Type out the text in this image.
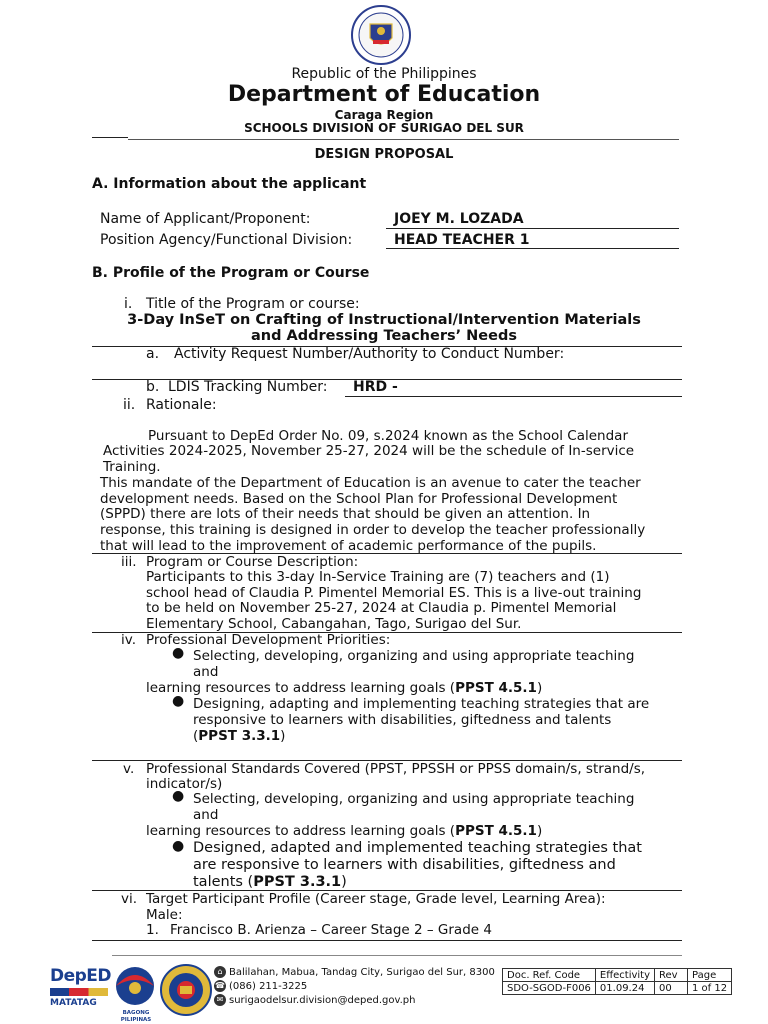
Republic of the Philippines
Department of Education
Caraga Region
SCHOOLS DIVISION OF SURIGAO DEL SUR
DESIGN PROPOSAL
A. Information about the applicant
Name of Applicant/Proponent:	JOEY M. LOZADA
Position Agency/Functional Division:	HEAD TEACHER 1
B. Profile of the Program or Course
i. Title of the Program or course:
3-Day InSeT on Crafting of Instructional/Intervention Materials
and Addressing Teachers’ Needs
a. Activity Request Number/Authority to Conduct Number:
b. LDIS Tracking Number: HRD -
ii. Rationale:
Pursuant to DepEd Order No. 09, s.2024 known as the School Calendar
Activities 2024-2025, November 25-27, 2024 will be the schedule of In-service
Training.
This mandate of the Department of Education is an avenue to cater the teacher
development needs. Based on the School Plan for Professional Development
(SPPD) there are lots of their needs that should be given an attention. In
response, this training is designed in order to develop the teacher professionally
that will lead to the improvement of academic performance of the pupils.
iii. Program or Course Description:
Participants to this 3-day In-Service Training are (7) teachers and (1)
school head of Claudia P. Pimentel Memorial ES. This is a live-out training
to be held on November 25-27, 2024 at Claudia p. Pimentel Memorial
Elementary School, Cabangahan, Tago, Surigao del Sur.
iv. Professional Development Priorities:
● Selecting, developing, organizing and using appropriate teaching
and
learning resources to address learning goals (PPST 4.5.1)
● Designing, adapting and implementing teaching strategies that are
responsive to learners with disabilities, giftedness and talents
(PPST 3.3.1)
v. Professional Standards Covered (PPST, PPSSH or PPSS domain/s, strand/s,
indicator/s)
● Selecting, developing, organizing and using appropriate teaching
and
learning resources to address learning goals (PPST 4.5.1)
● Designed, adapted and implemented teaching strategies that
are responsive to learners with disabilities, giftedness and
talents (PPST 3.3.1)
vi. Target Participant Profile (Career stage, Grade level, Learning Area):
Male:
1. Francisco B. Arienza – Career Stage 2 – Grade 4
DepED
MATATAG
BAGONG PILIPINAS
⌂ Balilahan, Mabua, Tandag City, Surigao del Sur, 8300
☎ (086) 211-3225
✉ surigaodelsur.division@deped.gov.ph
Doc. Ref. Code	Effectivity	Rev	Page
SDO-SGOD-F006	01.09.24	00	1 of 12
